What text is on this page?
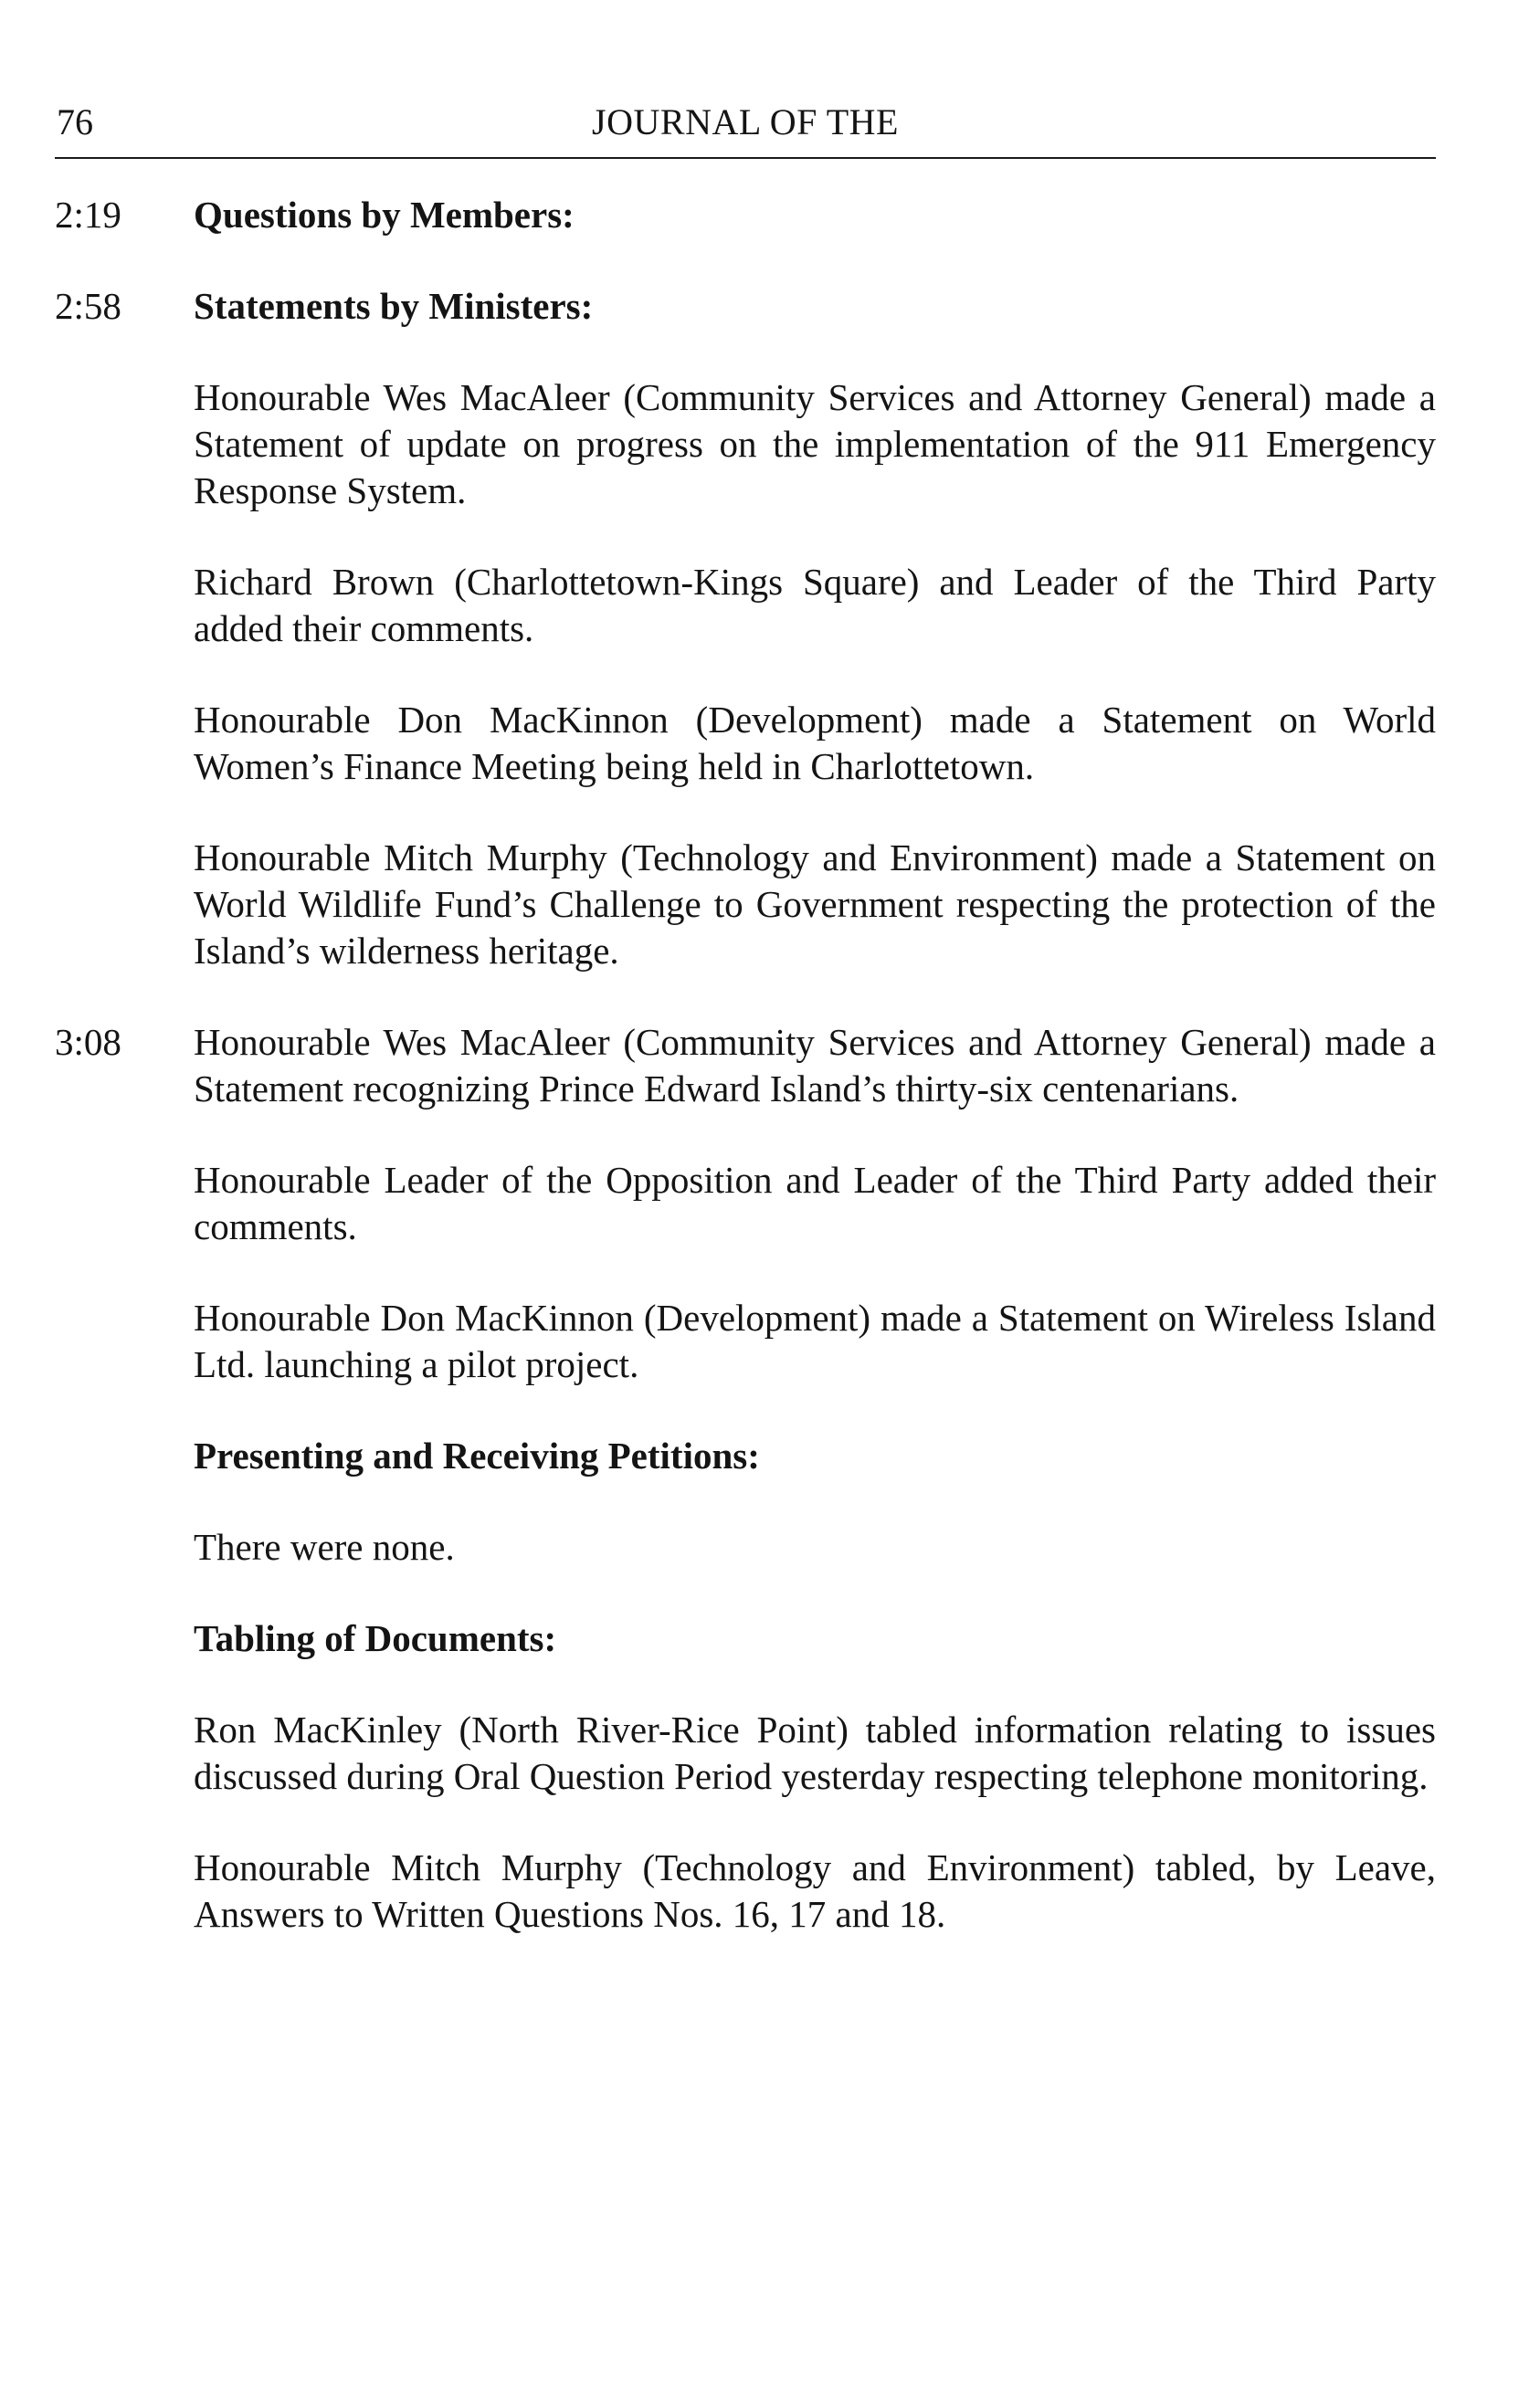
76	JOURNAL OF THE
2:19 Questions by Members:

2:58 Statements by Ministers:

Honourable Wes MacAleer (Community Services and Attorney General) made a Statement of update on progress on the implementation of the 911 Emergency Response System.

Richard Brown (Charlottetown-Kings Square) and Leader of the Third Party added their comments.

Honourable Don MacKinnon (Development) made a Statement on World Women’s Finance Meeting being held in Charlottetown.

Honourable Mitch Murphy (Technology and Environment) made a Statement on World Wildlife Fund’s Challenge to Government respecting the protection of the Island’s wilderness heritage.

3:08 Honourable Wes MacAleer (Community Services and Attorney General) made a Statement recognizing Prince Edward Island’s thirty-six centenarians.

Honourable Leader of the Opposition and Leader of the Third Party added their comments.

Honourable Don MacKinnon (Development) made a Statement on Wireless Island Ltd. launching a pilot project.

Presenting and Receiving Petitions:

There were none.

Tabling of Documents:

Ron MacKinley (North River-Rice Point) tabled information relating to issues discussed during Oral Question Period yesterday respecting telephone monitoring.

Honourable Mitch Murphy (Technology and Environment) tabled, by Leave, Answers to Written Questions Nos. 16, 17 and 18.
